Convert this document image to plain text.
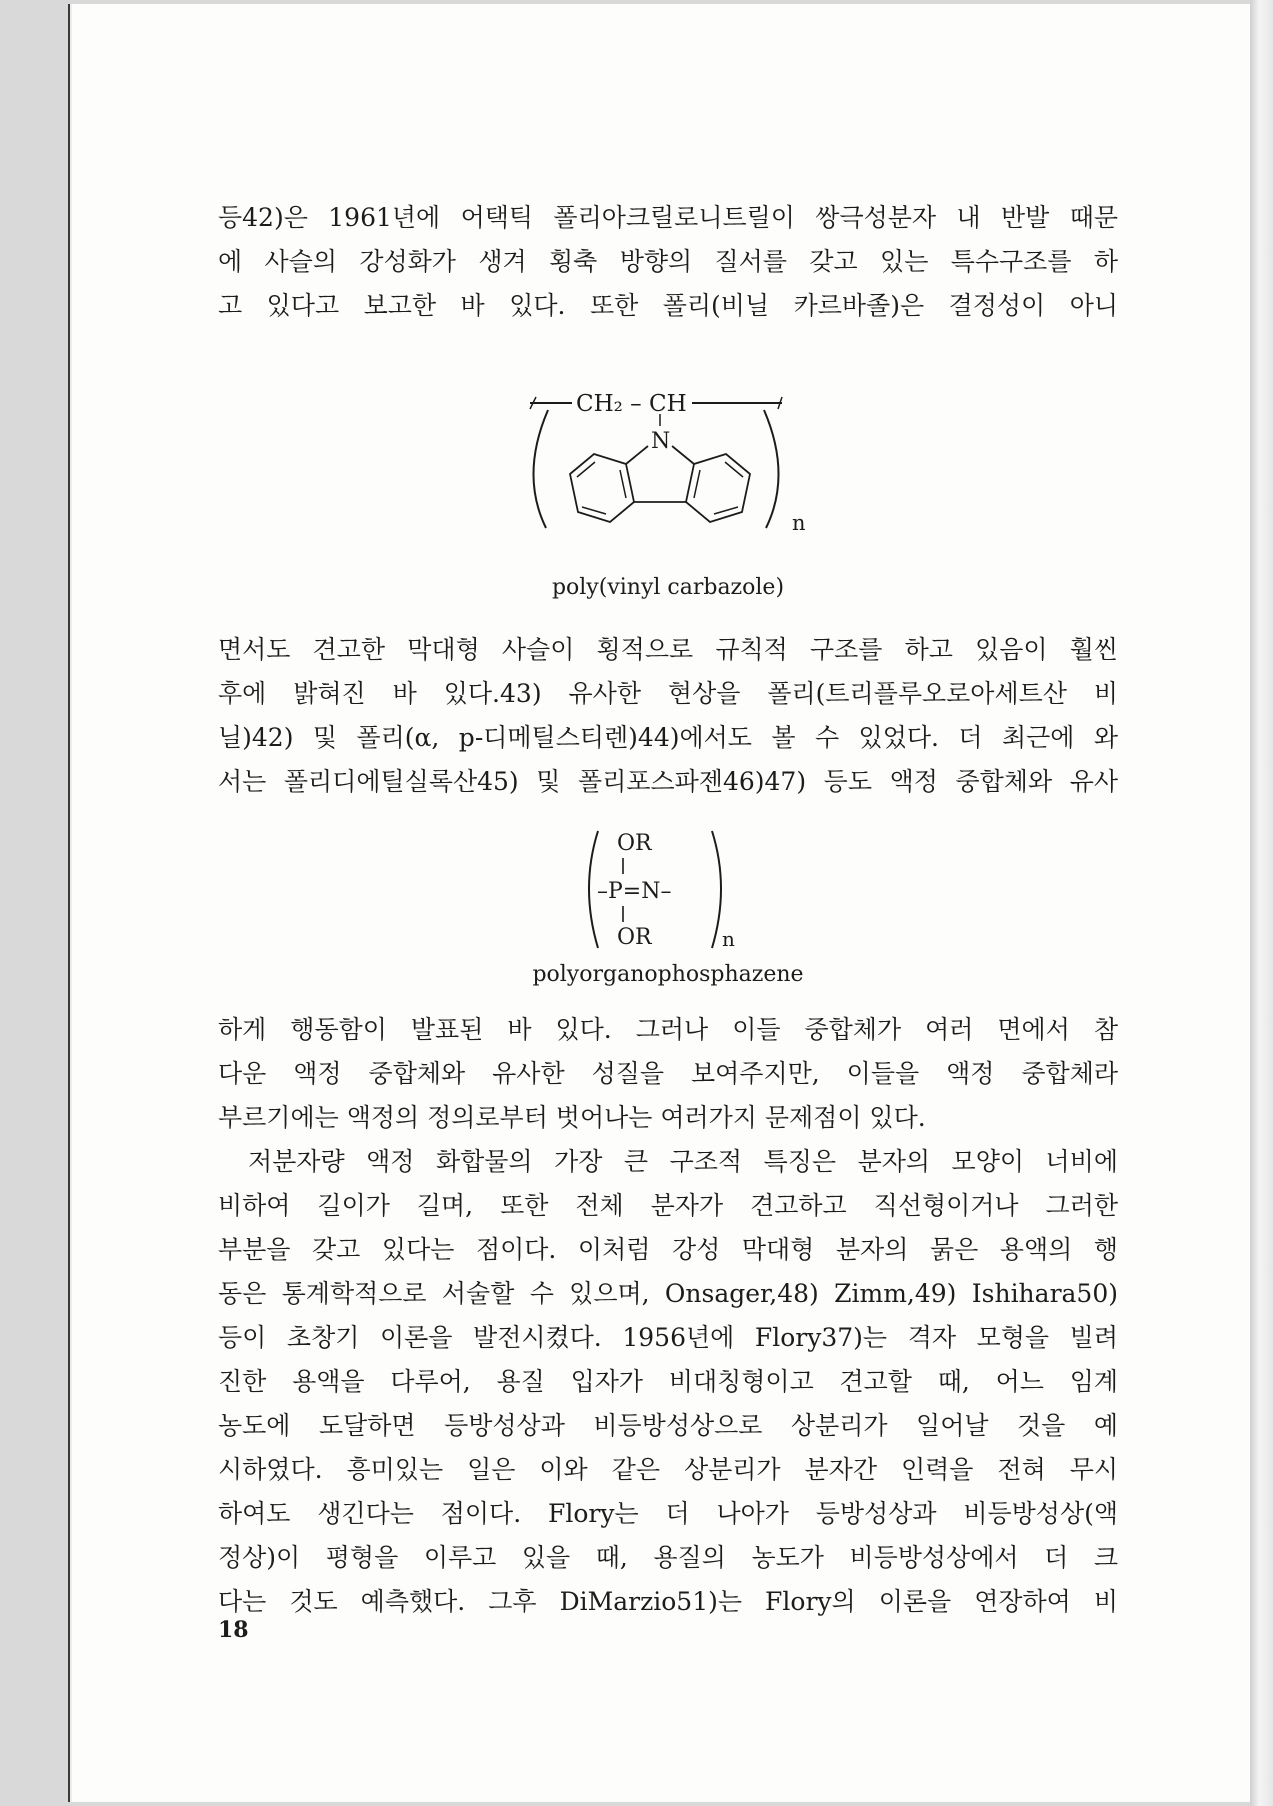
등42)은 1961년에 어택틱 폴리아크릴로니트릴이 쌍극성분자 내 반발 때문
에 사슬의 강성화가 생겨 횡축 방향의 질서를 갖고 있는 특수구조를 하
고 있다고 보고한 바 있다. 또한 폴리(비닐 카르바졸)은 결정성이 아니
CH₂ – CH
N
n
poly(vinyl carbazole)
면서도 견고한 막대형 사슬이 횡적으로 규칙적 구조를 하고 있음이 훨씬
후에 밝혀진 바 있다.43) 유사한 현상을 폴리(트리플루오로아세트산 비
닐)42) 및 폴리(α, p-디메틸스티렌)44)에서도 볼 수 있었다. 더 최근에 와
서는 폴리디에틸실록산45) 및 폴리포스파젠46)47) 등도 액정 중합체와 유사
OR
–P=N–
OR	n
polyorganophosphazene
하게 행동함이 발표된 바 있다. 그러나 이들 중합체가 여러 면에서 참
다운 액정 중합체와 유사한 성질을 보여주지만, 이들을 액정 중합체라
부르기에는 액정의 정의로부터 벗어나는 여러가지 문제점이 있다.
저분자량 액정 화합물의 가장 큰 구조적 특징은 분자의 모양이 너비에
비하여 길이가 길며, 또한 전체 분자가 견고하고 직선형이거나 그러한
부분을 갖고 있다는 점이다. 이처럼 강성 막대형 분자의 묽은 용액의 행
동은 통계학적으로 서술할 수 있으며, Onsager,48) Zimm,49) Ishihara50)
등이 초창기 이론을 발전시켰다. 1956년에 Flory37)는 격자 모형을 빌려
진한 용액을 다루어, 용질 입자가 비대칭형이고 견고할 때, 어느 임계
농도에 도달하면 등방성상과 비등방성상으로 상분리가 일어날 것을 예
시하였다. 흥미있는 일은 이와 같은 상분리가 분자간 인력을 전혀 무시
하여도 생긴다는 점이다. Flory는 더 나아가 등방성상과 비등방성상(액
정상)이 평형을 이루고 있을 때, 용질의 농도가 비등방성상에서 더 크
다는 것도 예측했다. 그후 DiMarzio51)는 Flory의 이론을 연장하여 비
18
